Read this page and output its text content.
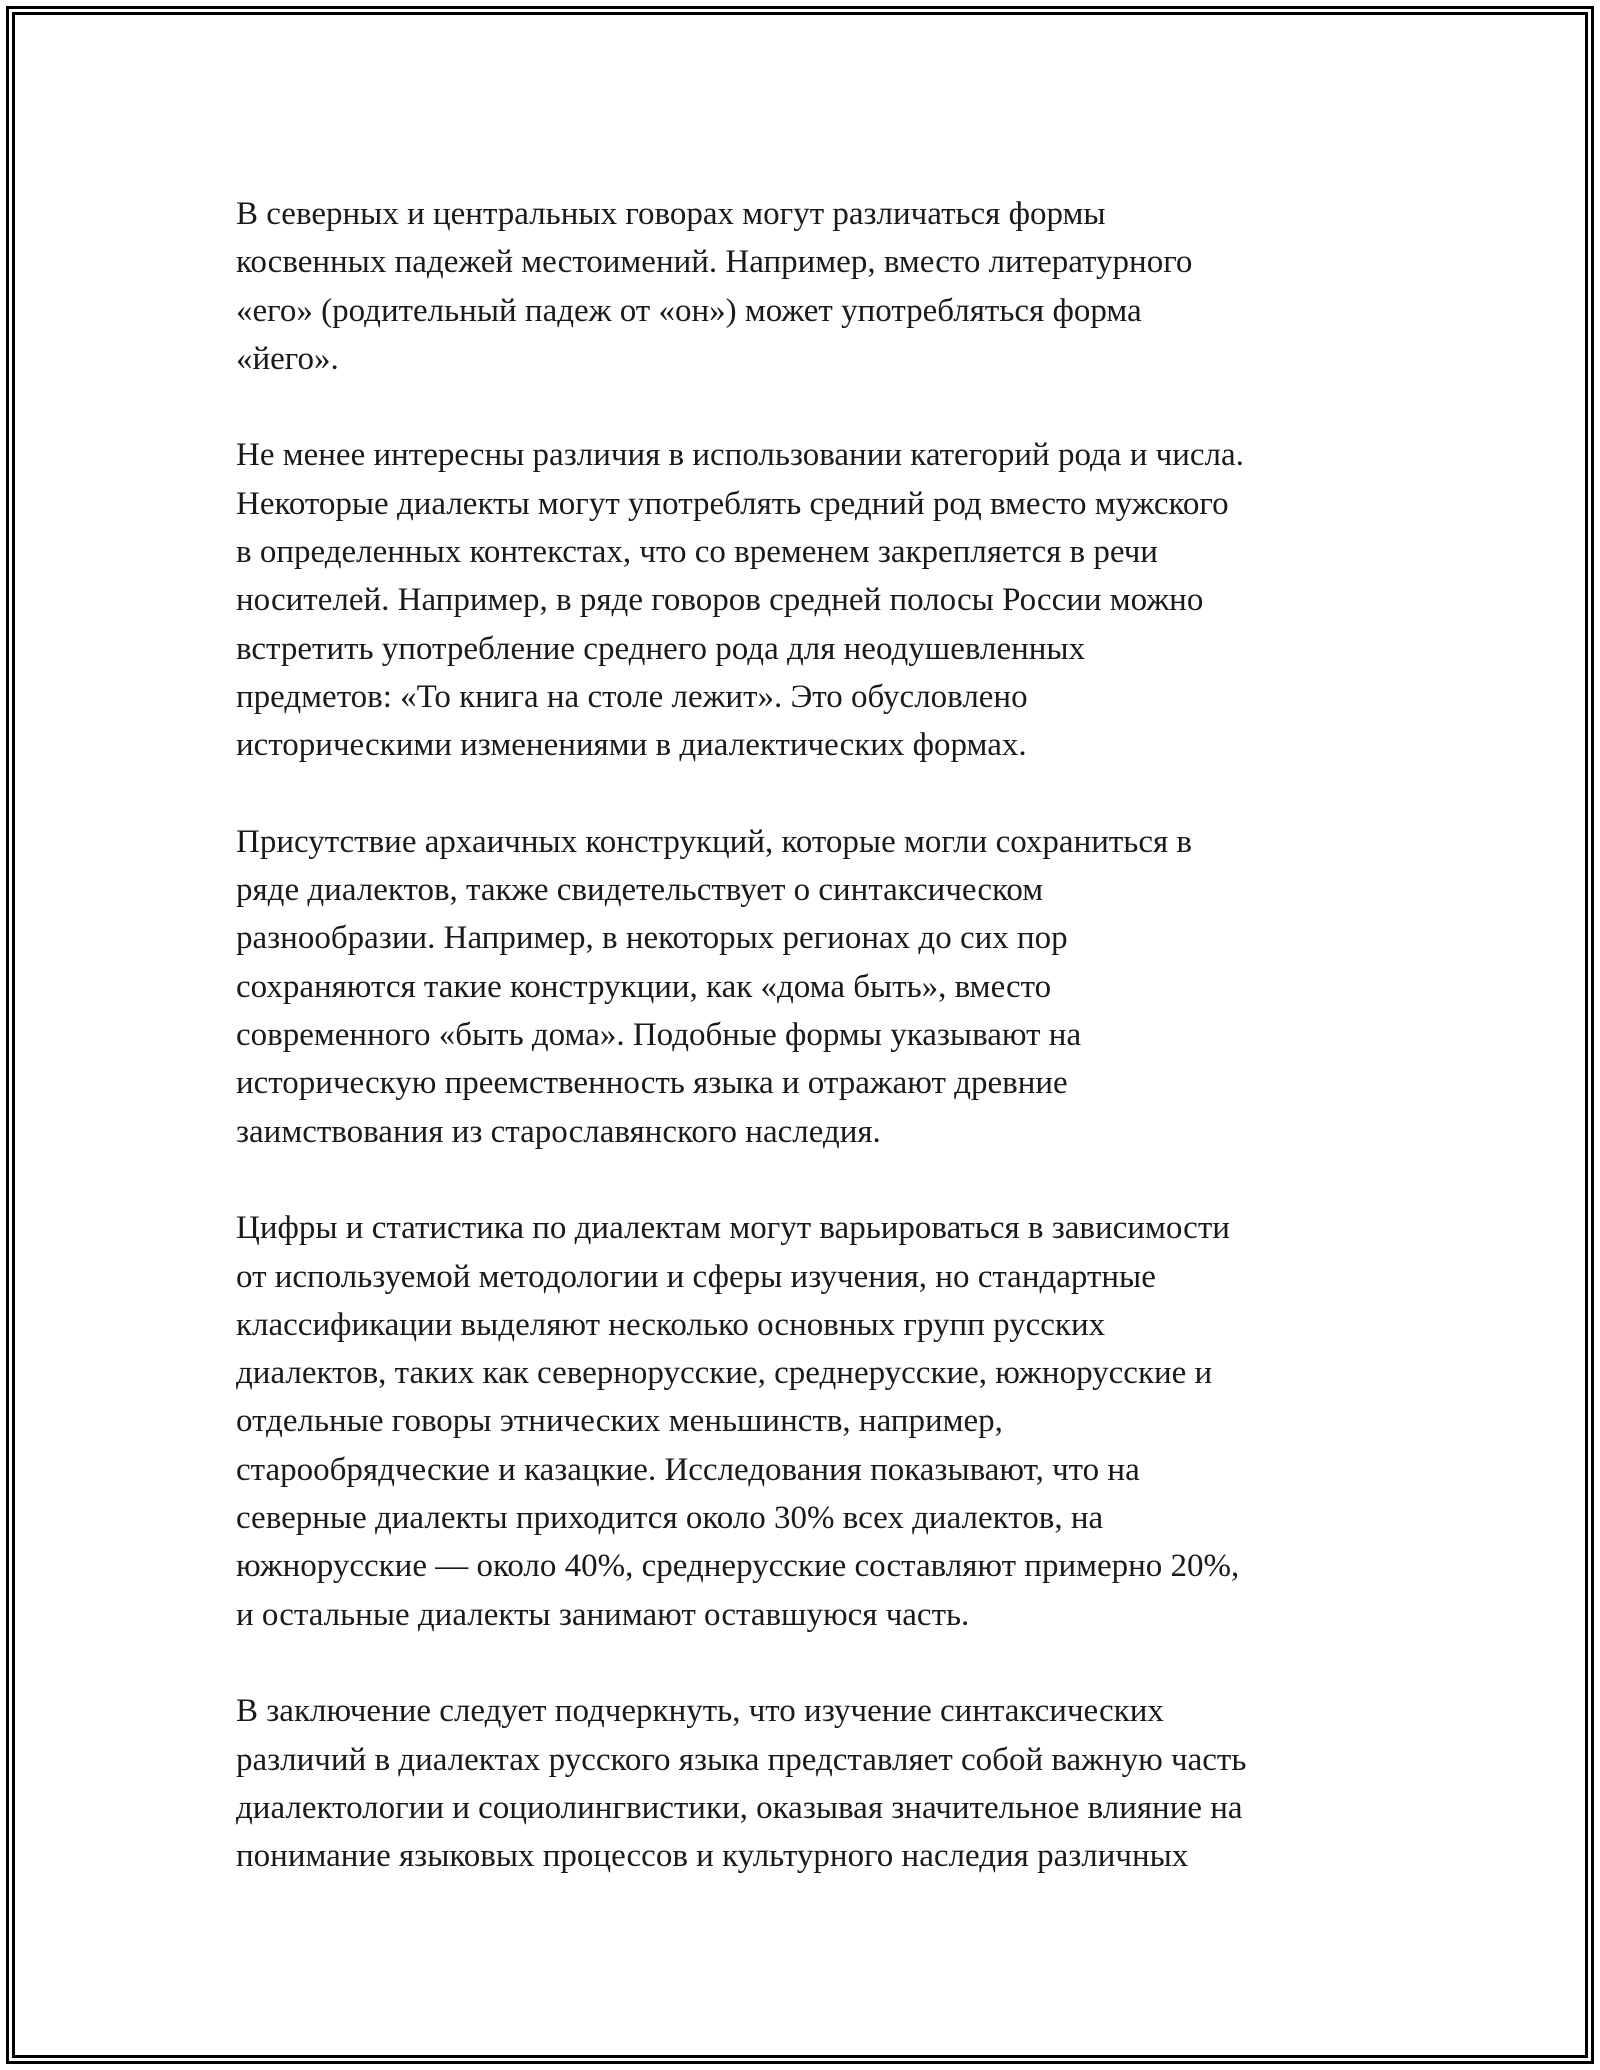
В северных и центральных говорах могут различаться формы
косвенных падежей местоимений. Например, вместо литературного
«его» (родительный падеж от «он») может употребляться форма
«йего».

Не менее интересны различия в использовании категорий рода и числа.
Некоторые диалекты могут употреблять средний род вместо мужского
в определенных контекстах, что со временем закрепляется в речи
носителей. Например, в ряде говоров средней полосы России можно
встретить употребление среднего рода для неодушевленных
предметов: «То книга на столе лежит». Это обусловлено
историческими изменениями в диалектических формах.

Присутствие архаичных конструкций, которые могли сохраниться в
ряде диалектов, также свидетельствует о синтаксическом
разнообразии. Например, в некоторых регионах до сих пор
сохраняются такие конструкции, как «дома быть», вместо
современного «быть дома». Подобные формы указывают на
историческую преемственность языка и отражают древние
заимствования из старославянского наследия.

Цифры и статистика по диалектам могут варьироваться в зависимости
от используемой методологии и сферы изучения, но стандартные
классификации выделяют несколько основных групп русских
диалектов, таких как севернорусские, среднерусские, южнорусские и
отдельные говоры этнических меньшинств, например,
старообрядческие и казацкие. Исследования показывают, что на
северные диалекты приходится около 30% всех диалектов, на
южнорусские — около 40%, среднерусские составляют примерно 20%,
и остальные диалекты занимают оставшуюся часть.

В заключение следует подчеркнуть, что изучение синтаксических
различий в диалектах русского языка представляет собой важную часть
диалектологии и социолингвистики, оказывая значительное влияние на
понимание языковых процессов и культурного наследия различных
